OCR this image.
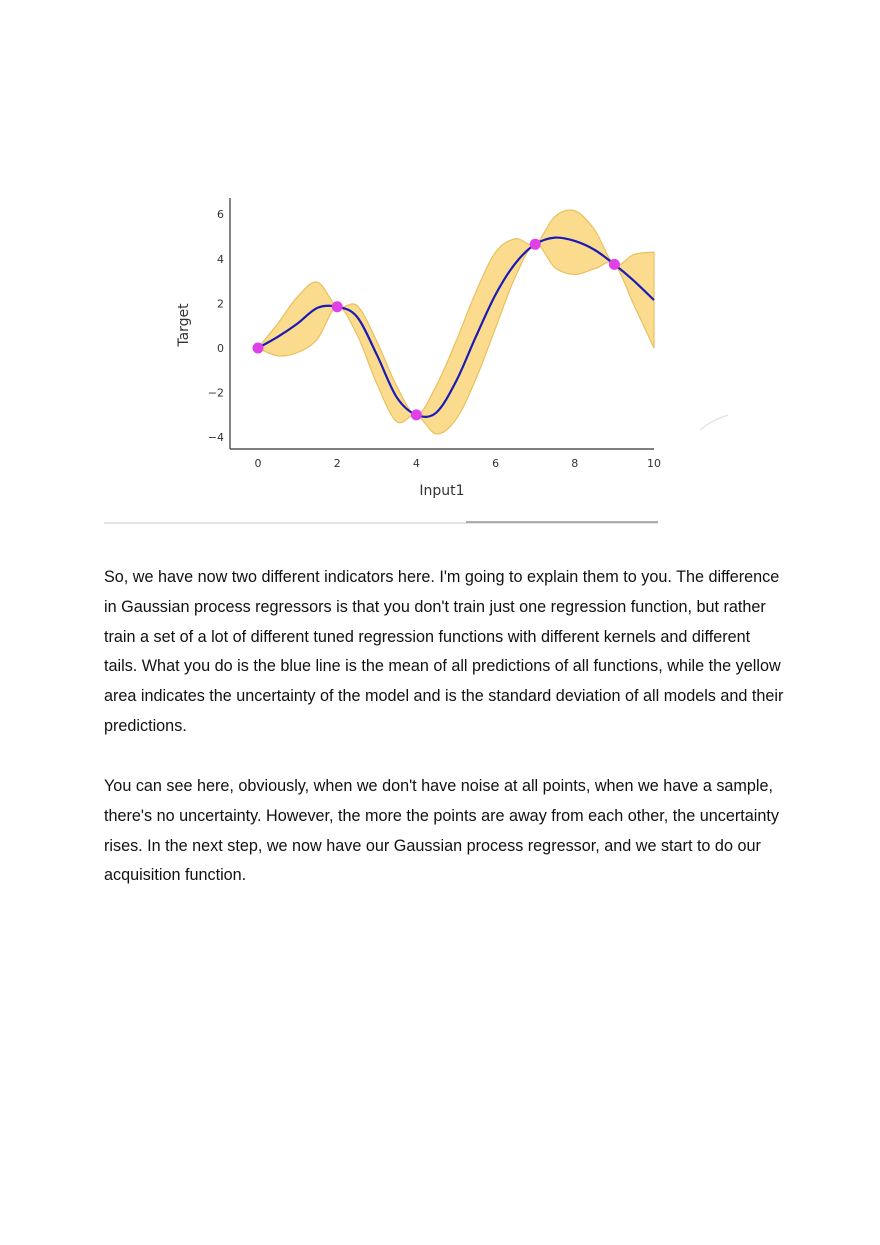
0	2	4	6	8	10
−4
−2
0
2
4
6
Input1
Target

So, we have now two different indicators here. I'm going to explain them to you. The difference in Gaussian process regressors is that you don't train just one regression function, but rather train a set of a lot of different tuned regression functions with different kernels and different tails. What you do is the blue line is the mean of all predictions of all functions, while the yellow area indicates the uncertainty of the model and is the standard deviation of all models and their predictions.

You can see here, obviously, when we don't have noise at all points, when we have a sample, there's no uncertainty. However, the more the points are away from each other, the uncertainty rises. In the next step, we now have our Gaussian process regressor, and we start to do our acquisition function.
